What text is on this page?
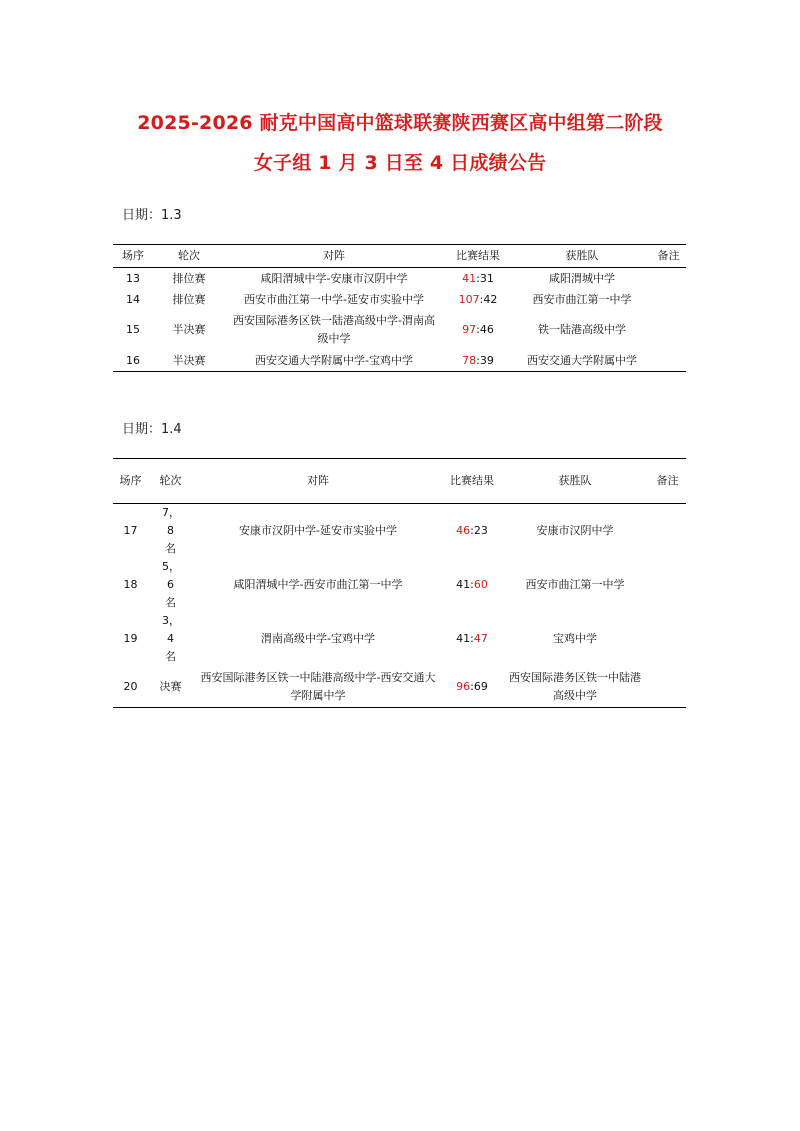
2025-2026 耐克中国高中篮球联赛陕西赛区高中组第二阶段
女子组 1 月 3 日至 4 日成绩公告
日期：1.3
场序	轮次	对阵	比赛结果	获胜队	备注
13	排位赛	咸阳渭城中学-安康市汉阴中学	41:31	咸阳渭城中学	
14	排位赛	西安市曲江第一中学-延安市实验中学	107:42	西安市曲江第一中学	
15	半决赛	西安国际港务区铁一陆港高级中学-渭南高级中学	97:46	铁一陆港高级中学	
16	半决赛	西安交通大学附属中学-宝鸡中学	78:39	西安交通大学附属中学	
日期：1.4
场序	轮次	对阵	比赛结果	获胜队	备注
17	7，8名	安康市汉阴中学-延安市实验中学	46:23	安康市汉阴中学	
18	5，6名	咸阳渭城中学-西安市曲江第一中学	41:60	西安市曲江第一中学	
19	3，4名	渭南高级中学-宝鸡中学	41:47	宝鸡中学	
20	决赛	西安国际港务区铁一中陆港高级中学-西安交通大学附属中学	96:69	西安国际港务区铁一中陆港高级中学	
